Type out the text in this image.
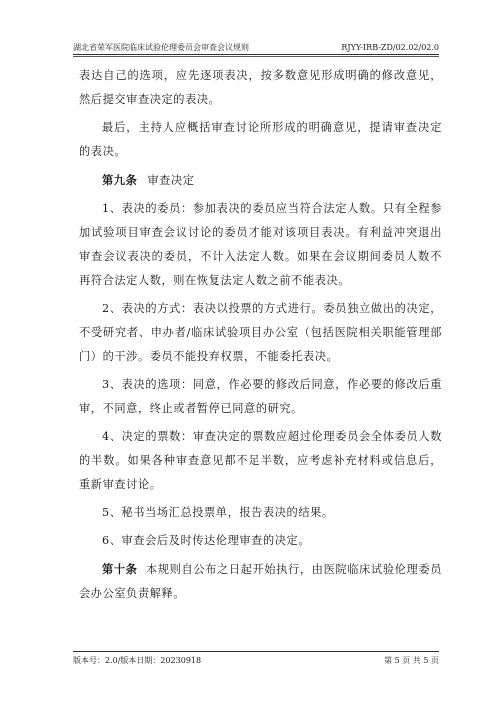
湖北省荣军医院临床试验伦理委员会审查会议规则	RJYY-IRB-ZD/02.02/02.0

表达自己的选项，应先逐项表决，按多数意见形成明确的修改意见，然后提交审查决定的表决。

最后，主持人应概括审查讨论所形成的明确意见，提请审查决定的表决。

第九条 审查决定

1、表决的委员：参加表决的委员应当符合法定人数。只有全程参加试验项目审查会议讨论的委员才能对该项目表决。有利益冲突退出审查会议表决的委员，不计入法定人数。如果在会议期间委员人数不再符合法定人数，则在恢复法定人数之前不能表决。

2、表决的方式：表决以投票的方式进行。委员独立做出的决定，不受研究者、申办者/临床试验项目办公室（包括医院相关职能管理部门）的干涉。委员不能投弃权票，不能委托表决。

3、表决的选项：同意，作必要的修改后同意，作必要的修改后重审，不同意，终止或者暂停已同意的研究。

4、决定的票数：审查决定的票数应超过伦理委员会全体委员人数的半数。如果各种审查意见都不足半数，应考虑补充材料或信息后，重新审查讨论。

5、秘书当场汇总投票单，报告表决的结果。

6、审查会后及时传达伦理审查的决定。

第十条 本规则自公布之日起开始执行，由医院临床试验伦理委员会办公室负责解释。

版本号：2.0/版本日期：20230918	第 5 页 共 5 页
